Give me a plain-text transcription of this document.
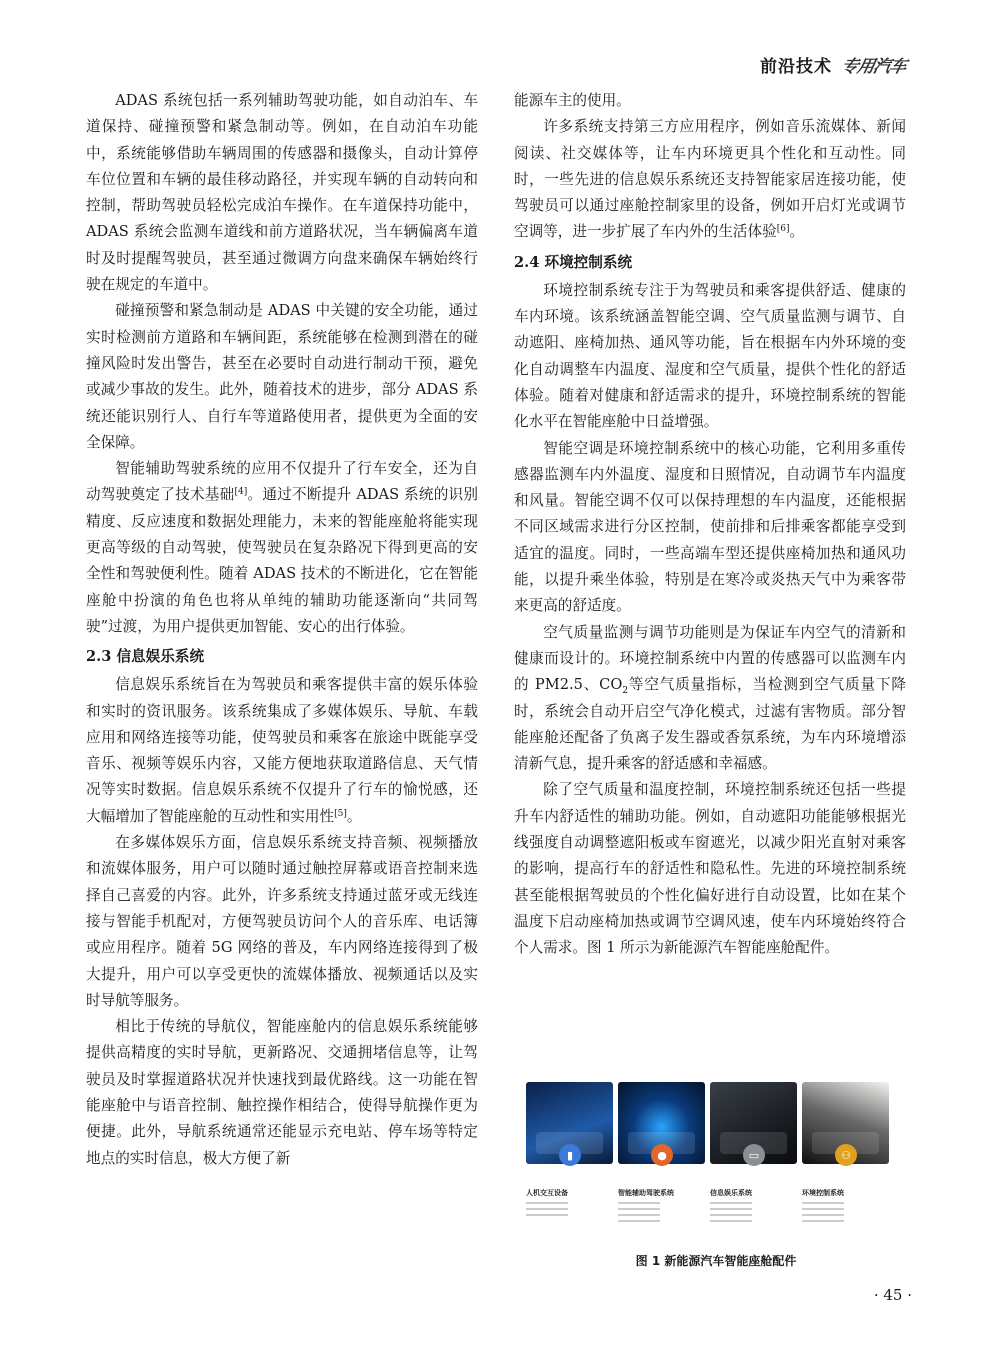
前沿技术 专用汽车

ADAS 系统包括一系列辅助驾驶功能，如自动泊车、车道保持、碰撞预警和紧急制动等。例如，在自动泊车功能中，系统能够借助车辆周围的传感器和摄像头，自动计算停车位位置和车辆的最佳移动路径，并实现车辆的自动转向和控制，帮助驾驶员轻松完成泊车操作。在车道保持功能中，ADAS 系统会监测车道线和前方道路状况，当车辆偏离车道时及时提醒驾驶员，甚至通过微调方向盘来确保车辆始终行驶在规定的车道中。

碰撞预警和紧急制动是 ADAS 中关键的安全功能，通过实时检测前方道路和车辆间距，系统能够在检测到潜在的碰撞风险时发出警告，甚至在必要时自动进行制动干预，避免或减少事故的发生。此外，随着技术的进步，部分 ADAS 系统还能识别行人、自行车等道路使用者，提供更为全面的安全保障。

智能辅助驾驶系统的应用不仅提升了行车安全，还为自动驾驶奠定了技术基础[4]。通过不断提升 ADAS 系统的识别精度、反应速度和数据处理能力，未来的智能座舱将能实现更高等级的自动驾驶，使驾驶员在复杂路况下得到更高的安全性和驾驶便利性。随着 ADAS 技术的不断进化，它在智能座舱中扮演的角色也将从单纯的辅助功能逐渐向“共同驾驶”过渡，为用户提供更加智能、安心的出行体验。

2.3 信息娱乐系统

信息娱乐系统旨在为驾驶员和乘客提供丰富的娱乐体验和实时的资讯服务。该系统集成了多媒体娱乐、导航、车载应用和网络连接等功能，使驾驶员和乘客在旅途中既能享受音乐、视频等娱乐内容，又能方便地获取道路信息、天气情况等实时数据。信息娱乐系统不仅提升了行车的愉悦感，还大幅增加了智能座舱的互动性和实用性[5]。

在多媒体娱乐方面，信息娱乐系统支持音频、视频播放和流媒体服务，用户可以随时通过触控屏幕或语音控制来选择自己喜爱的内容。此外，许多系统支持通过蓝牙或无线连接与智能手机配对，方便驾驶员访问个人的音乐库、电话簿或应用程序。随着 5G 网络的普及，车内网络连接得到了极大提升，用户可以享受更快的流媒体播放、视频通话以及实时导航等服务。

相比于传统的导航仪，智能座舱内的信息娱乐系统能够提供高精度的实时导航，更新路况、交通拥堵信息等，让驾驶员及时掌握道路状况并快速找到最优路线。这一功能在智能座舱中与语音控制、触控操作相结合，使得导航操作更为便捷。此外，导航系统通常还能显示充电站、停车场等特定地点的实时信息，极大方便了新

能源车主的使用。

许多系统支持第三方应用程序，例如音乐流媒体、新闻阅读、社交媒体等，让车内环境更具个性化和互动性。同时，一些先进的信息娱乐系统还支持智能家居连接功能，使驾驶员可以通过座舱控制家里的设备，例如开启灯光或调节空调等，进一步扩展了车内外的生活体验[6]。

2.4 环境控制系统

环境控制系统专注于为驾驶员和乘客提供舒适、健康的车内环境。该系统涵盖智能空调、空气质量监测与调节、自动遮阳、座椅加热、通风等功能，旨在根据车内外环境的变化自动调整车内温度、湿度和空气质量，提供个性化的舒适体验。随着对健康和舒适需求的提升，环境控制系统的智能化水平在智能座舱中日益增强。

智能空调是环境控制系统中的核心功能，它利用多重传感器监测车内外温度、湿度和日照情况，自动调节车内温度和风量。智能空调不仅可以保持理想的车内温度，还能根据不同区域需求进行分区控制，使前排和后排乘客都能享受到适宜的温度。同时，一些高端车型还提供座椅加热和通风功能，以提升乘坐体验，特别是在寒冷或炎热天气中为乘客带来更高的舒适度。

空气质量监测与调节功能则是为保证车内空气的清新和健康而设计的。环境控制系统中内置的传感器可以监测车内的 PM2.5、$CO_2$等空气质量指标，当检测到空气质量下降时，系统会自动开启空气净化模式，过滤有害物质。部分智能座舱还配备了负离子发生器或香氛系统，为车内环境增添清新气息，提升乘客的舒适感和幸福感。

除了空气质量和温度控制，环境控制系统还包括一些提升车内舒适性的辅助功能。例如，自动遮阳功能能够根据光线强度自动调整遮阳板或车窗遮光，以减少阳光直射对乘客的影响，提高行车的舒适性和隐私性。先进的环境控制系统甚至能根据驾驶员的个性化偏好进行自动设置，比如在某个温度下启动座椅加热或调节空调风速，使车内环境始终符合个人需求。图 1 所示为新能源汽车智能座舱配件。

▮	●	▭	⚇
人机交互设备	智能辅助驾驶系统	信息娱乐系统	环境控制系统
图 1 新能源汽车智能座舱配件
· 45 ·
